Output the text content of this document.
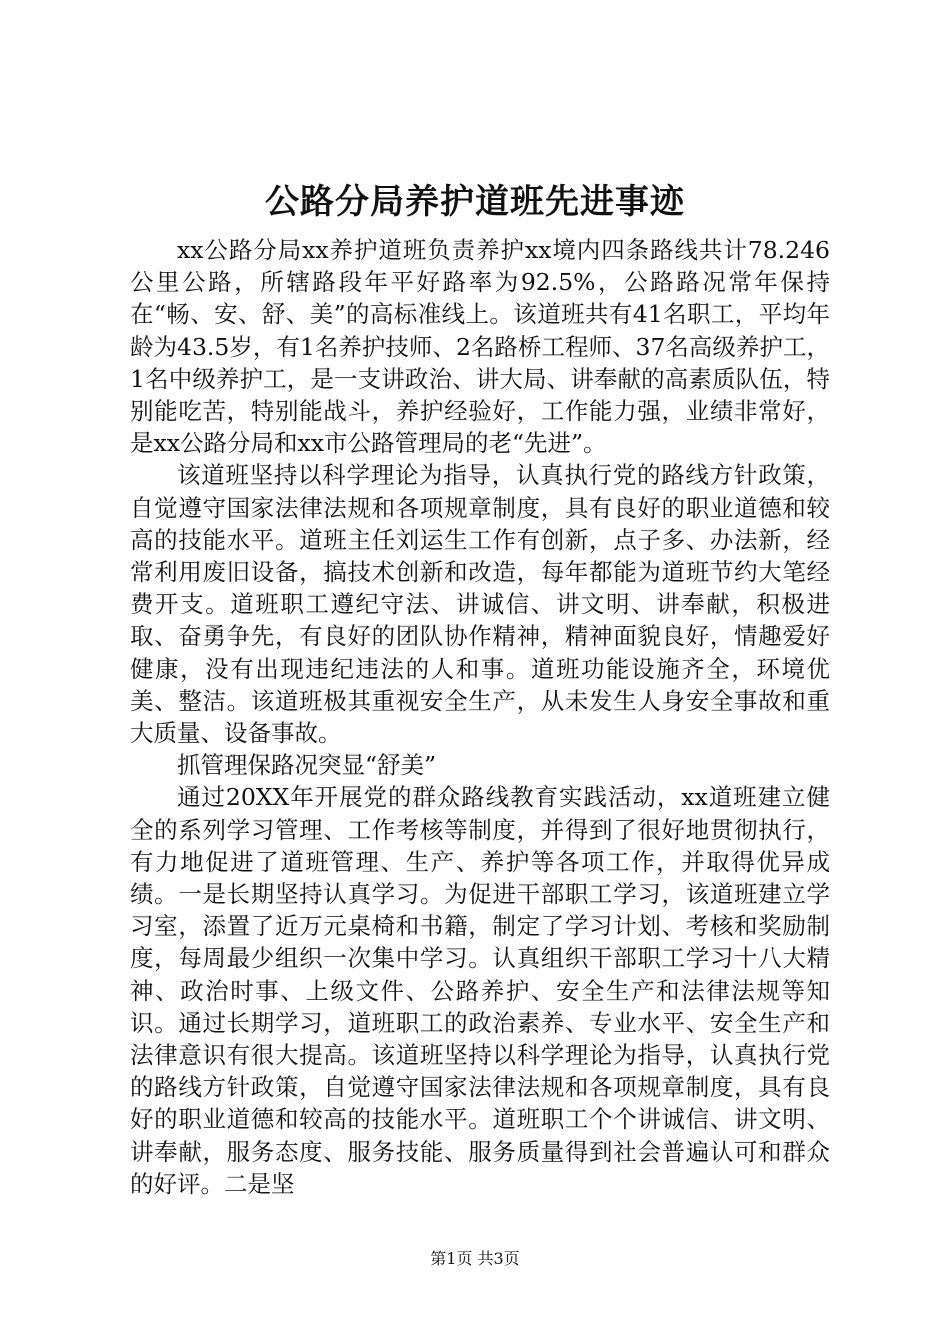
公路分局养护道班先进事迹

xx公路分局xx养护道班负责养护xx境内四条路线共计78.246公里公路，所辖路段年平好路率为92.5%，公路路况常年保持在“畅、安、舒、美”的高标准线上。该道班共有41名职工，平均年龄为43.5岁，有1名养护技师、2名路桥工程师、37名高级养护工，1名中级养护工，是一支讲政治、讲大局、讲奉献的高素质队伍，特别能吃苦，特别能战斗，养护经验好，工作能力强，业绩非常好，是xx公路分局和xx市公路管理局的老“先进”。

该道班坚持以科学理论为指导，认真执行党的路线方针政策，自觉遵守国家法律法规和各项规章制度，具有良好的职业道德和较高的技能水平。道班主任刘运生工作有创新，点子多、办法新，经常利用废旧设备，搞技术创新和改造，每年都能为道班节约大笔经费开支。道班职工遵纪守法、讲诚信、讲文明、讲奉献，积极进取、奋勇争先，有良好的团队协作精神，精神面貌良好，情趣爱好健康，没有出现违纪违法的人和事。道班功能设施齐全，环境优美、整洁。该道班极其重视安全生产，从未发生人身安全事故和重大质量、设备事故。

抓管理保路况突显“舒美”

通过20XX年开展党的群众路线教育实践活动，xx道班建立健全的系列学习管理、工作考核等制度，并得到了很好地贯彻执行，有力地促进了道班管理、生产、养护等各项工作，并取得优异成绩。一是长期坚持认真学习。为促进干部职工学习，该道班建立学习室，添置了近万元桌椅和书籍，制定了学习计划、考核和奖励制度，每周最少组织一次集中学习。认真组织干部职工学习十八大精神、政治时事、上级文件、公路养护、安全生产和法律法规等知识。通过长期学习，道班职工的政治素养、专业水平、安全生产和法律意识有很大提高。该道班坚持以科学理论为指导，认真执行党的路线方针政策，自觉遵守国家法律法规和各项规章制度，具有良好的职业道德和较高的技能水平。道班职工个个讲诚信、讲文明、讲奉献，服务态度、服务技能、服务质量得到社会普遍认可和群众的好评。二是坚

第1页 共3页
